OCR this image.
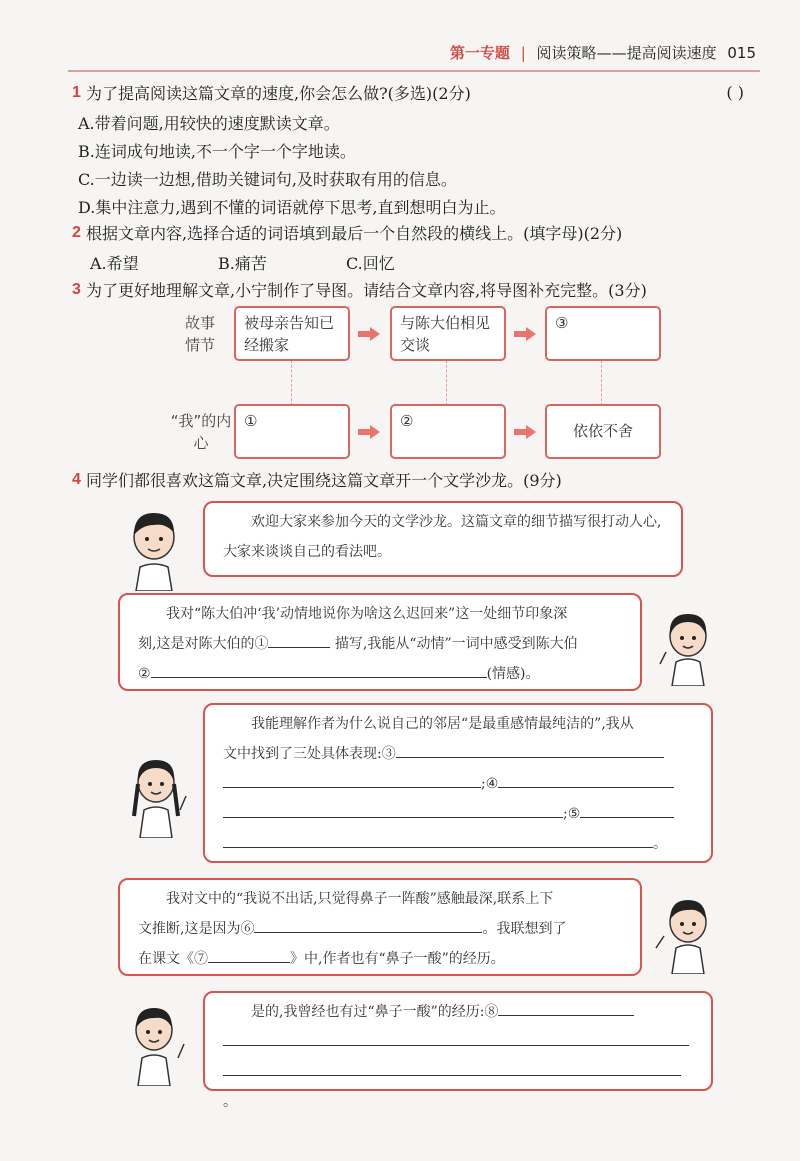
第一专题 | 阅读策略——提高阅读速度 015
1 为了提高阅读这篇文章的速度,你会怎么做?(多选)(2分)	( )
A.带着问题,用较快的速度默读文章。
B.连词成句地读,不一个字一个字地读。
C.一边读一边想,借助关键词句,及时获取有用的信息。
D.集中注意力,遇到不懂的词语就停下思考,直到想明白为止。
2 根据文章内容,选择合适的词语填到最后一个自然段的横线上。(填字母)(2分)
A.希望	B.痛苦	C.回忆
3 为了更好地理解文章,小宁制作了导图。请结合文章内容,将导图补充完整。(3分)
故事情节
“我”的内心
被母亲告知已经搬家
与陈大伯相见交谈
③
①	②
依依不舍
4 同学们都很喜欢这篇文章,决定围绕这篇文章开一个文学沙龙。(9分)
欢迎大家来参加今天的文学沙龙。这篇文章的细节描写很打动人心,
大家来谈谈自己的看法吧。
我对“陈大伯冲‘我’动情地说你为啥这么迟回来”这一处细节印象深
刻,这是对陈大伯的①	描写,我能从“动情”一词中感受到陈大伯
②	(情感)。
我能理解作者为什么说自己的邻居“是最重感情最纯洁的”,我从
文中找到了三处具体表现:③
;④
;⑤
。
我对文中的“我说不出话,只觉得鼻子一阵酸”感触最深,联系上下
文推断,这是因为⑥	。我联想到了
在课文《⑦	》中,作者也有“鼻子一酸”的经历。
是的,我曾经也有过“鼻子一酸”的经历:⑧
。
